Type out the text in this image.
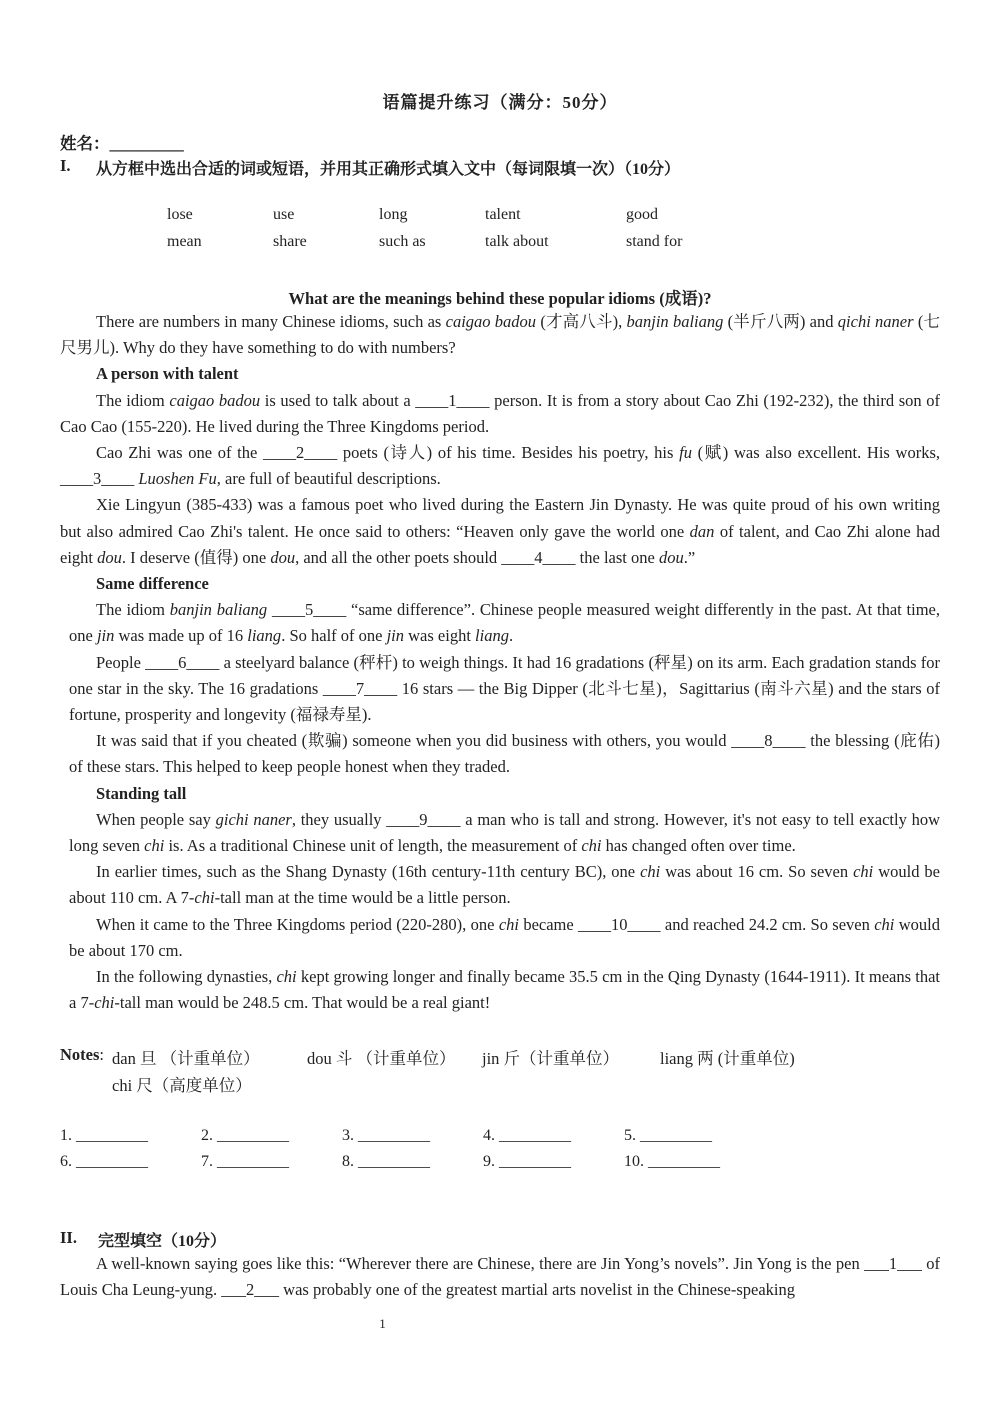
语篇提升练习（满分：50分）
姓名：_________
I. 从方框中选出合适的词或短语，并用其正确形式填入文中（每词限填一次）（10分）
lose	use	long	talent	good
mean	share	such as	talk about	stand for
What are the meanings behind these popular idioms (成语)?

There are numbers in many Chinese idioms, such as caigao badou (才高八斗), banjin baliang (半斤八两) and qichi naner (七尺男儿). Why do they have something to do with numbers?

A person with talent

The idiom caigao badou is used to talk about a ____1____ person. It is from a story about Cao Zhi (192-232), the third son of Cao Cao (155-220). He lived during the Three Kingdoms period.

Cao Zhi was one of the ____2____ poets (诗人) of his time. Besides his poetry, his fu (赋) was also excellent. His works, ____3____ Luoshen Fu, are full of beautiful descriptions.

Xie Lingyun (385-433) was a famous poet who lived during the Eastern Jin Dynasty. He was quite proud of his own writing but also admired Cao Zhi's talent. He once said to others: “Heaven only gave the world one dan of talent, and Cao Zhi alone had eight dou. I deserve (值得) one dou, and all the other poets should ____4____ the last one dou.”

Same difference

The idiom banjin baliang ____5____ “same difference”. Chinese people measured weight differently in the past. At that time, one jin was made up of 16 liang. So half of one jin was eight liang.

People ____6____ a steelyard balance (秤杆) to weigh things. It had 16 gradations (秤星) on its arm. Each gradation stands for one star in the sky. The 16 gradations ____7____ 16 stars — the Big Dipper (北斗七星)，Sagittarius (南斗六星) and the stars of fortune, prosperity and longevity (福禄寿星).

It was said that if you cheated (欺骗) someone when you did business with others, you would ____8____ the blessing (庇佑) of these stars. This helped to keep people honest when they traded.

Standing tall

When people say gichi naner, they usually ____9____ a man who is tall and strong. However, it's not easy to tell exactly how long seven chi is. As a traditional Chinese unit of length, the measurement of chi has changed often over time.

In earlier times, such as the Shang Dynasty (16th century-11th century BC), one chi was about 16 cm. So seven chi would be about 110 cm. A 7-chi-tall man at the time would be a little person.

When it came to the Three Kingdoms period (220-280), one chi became ____10____ and reached 24.2 cm. So seven chi would be about 170 cm.

In the following dynasties, chi kept growing longer and finally became 35.5 cm in the Qing Dynasty (1644-1911). It means that a 7-chi-tall man would be 248.5 cm. That would be a real giant!

Notes: dan 旦 （计重单位）	dou 斗 （计重单位） jin 斤（计重单位） liang 两 (计重单位)
chi 尺（高度单位）
1. _________	2. _________	3. _________	4. _________	5. _________
6. _________	7. _________	8. _________	9. _________	10. _________
II. 完型填空（10分）

A well-known saying goes like this: “Wherever there are Chinese, there are Jin Yong’s novels”. Jin Yong is the pen ___1___ of Louis Cha Leung-yung. ___2___ was probably one of the greatest martial arts novelist in the Chinese-speaking

1
